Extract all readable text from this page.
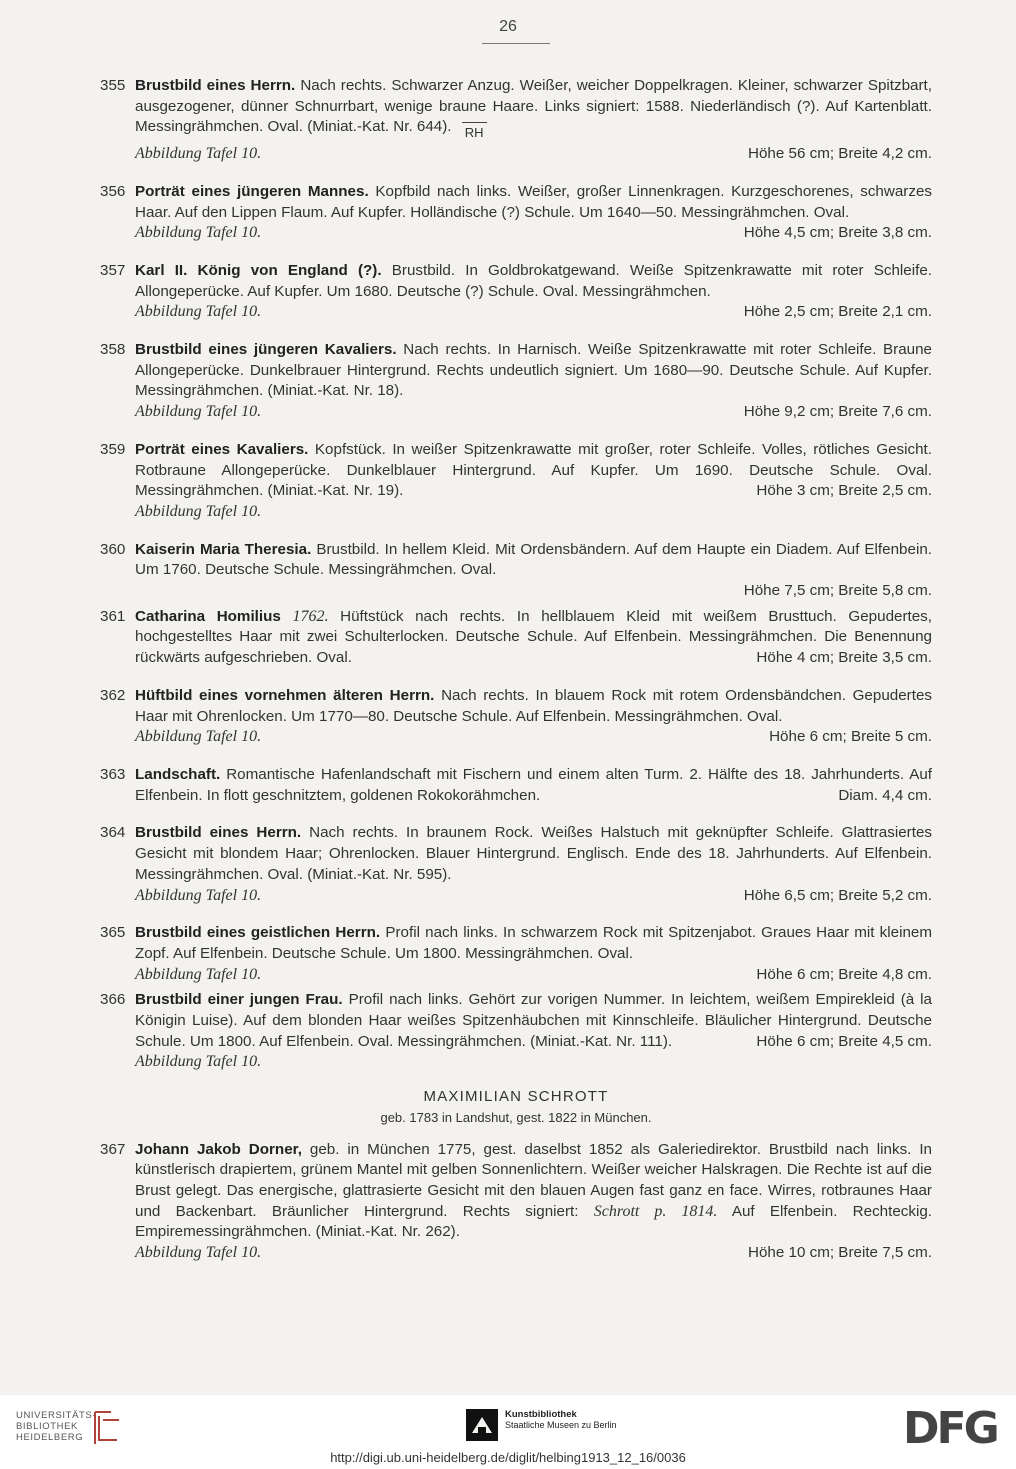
26
355 Brustbild eines Herrn. Nach rechts. Schwarzer Anzug. Weißer, weicher Doppelkragen. Kleiner, schwarzer Spitzbart, ausgezogener, dünner Schnurrbart, wenige braune Haare. Links signiert: 1588. Niederländisch (?). Auf Kartenblatt. Messingrähmchen. Oval. (Miniat.-Kat. Nr. 644). RH
Abbildung Tafel 10.	Höhe 56 cm; Breite 4,2 cm.
356 Porträt eines jüngeren Mannes. Kopfbild nach links. Weißer, großer Linnenkragen. Kurzgeschorenes, schwarzes Haar. Auf den Lippen Flaum. Auf Kupfer. Holländische (?) Schule. Um 1640—50. Messingrähmchen. Oval.
Höhe 4,5 cm; Breite 3,8 cm.
Abbildung Tafel 10.
357 Karl II. König von England (?). Brustbild. In Goldbrokatgewand. Weiße Spitzenkrawatte mit roter Schleife. Allongeperücke. Auf Kupfer. Um 1680. Deutsche (?) Schule. Oval. Messingrähmchen.
Abbildung Tafel 10.	Höhe 2,5 cm; Breite 2,1 cm.
358 Brustbild eines jüngeren Kavaliers. Nach rechts. In Harnisch. Weiße Spitzenkrawatte mit roter Schleife. Braune Allongeperücke. Dunkelbrauer Hintergrund. Rechts undeutlich signiert. Um 1680—90. Deutsche Schule. Auf Kupfer. Messingrähmchen. (Miniat.-Kat. Nr. 18).
Abbildung Tafel 10.	Höhe 9,2 cm; Breite 7,6 cm.
359 Porträt eines Kavaliers. Kopfstück. In weißer Spitzenkrawatte mit großer, roter Schleife. Volles, rötliches Gesicht. Rotbraune Allongeperücke. Dunkelblauer Hintergrund. Auf Kupfer. Um 1690. Deutsche Schule. Oval. Messingrähmchen. (Miniat.-Kat. Nr. 19).	Höhe 3 cm; Breite 2,5 cm.
Abbildung Tafel 10.
360 Kaiserin Maria Theresia. Brustbild. In hellem Kleid. Mit Ordensbändern. Auf dem Haupte ein Diadem. Auf Elfenbein. Um 1760. Deutsche Schule. Messingrähmchen. Oval.
Höhe 7,5 cm; Breite 5,8 cm.
361 Catharina Homilius 1762. Hüftstück nach rechts. In hellblauem Kleid mit weißem Brusttuch. Gepudertes, hochgestelltes Haar mit zwei Schulterlocken. Deutsche Schule. Auf Elfenbein. Messingrähmchen. Die Benennung rückwärts aufgeschrieben. Oval.	Höhe 4 cm; Breite 3,5 cm.
362 Hüftbild eines vornehmen älteren Herrn. Nach rechts. In blauem Rock mit rotem Ordensbändchen. Gepudertes Haar mit Ohrenlocken. Um 1770—80. Deutsche Schule. Auf Elfenbein. Messingrähmchen. Oval.
Abbildung Tafel 10.	Höhe 6 cm; Breite 5 cm.
363 Landschaft. Romantische Hafenlandschaft mit Fischern und einem alten Turm. 2. Hälfte des 18. Jahrhunderts. Auf Elfenbein. In flott geschnitztem, goldenen Rokokorähmchen.	Diam. 4,4 cm.
364 Brustbild eines Herrn. Nach rechts. In braunem Rock. Weißes Halstuch mit geknüpfter Schleife. Glattrasiertes Gesicht mit blondem Haar; Ohrenlocken. Blauer Hintergrund. Englisch. Ende des 18. Jahrhunderts. Auf Elfenbein. Messingrähmchen. Oval. (Miniat.-Kat. Nr. 595).
Abbildung Tafel 10.	Höhe 6,5 cm; Breite 5,2 cm.
365 Brustbild eines geistlichen Herrn. Profil nach links. In schwarzem Rock mit Spitzenjabot. Graues Haar mit kleinem Zopf. Auf Elfenbein. Deutsche Schule. Um 1800. Messingrähmchen. Oval.
Abbildung Tafel 10.	Höhe 6 cm; Breite 4,8 cm.
366 Brustbild einer jungen Frau. Profil nach links. Gehört zur vorigen Nummer. In leichtem, weißem Empirekleid (à la Königin Luise). Auf dem blonden Haar weißes Spitzenhäubchen mit Kinnschleife. Bläulicher Hintergrund. Deutsche Schule. Um 1800. Auf Elfenbein. Oval. Messingrähmchen. (Miniat.-Kat. Nr. 111).	Höhe 6 cm; Breite 4,5 cm.
Abbildung Tafel 10.
MAXIMILIAN SCHROTT
geb. 1783 in Landshut, gest. 1822 in München.
367 Johann Jakob Dorner, geb. in München 1775, gest. daselbst 1852 als Galeriedirektor. Brustbild nach links. In künstlerisch drapiertem, grünem Mantel mit gelben Sonnenlichtern. Weißer weicher Halskragen. Die Rechte ist auf die Brust gelegt. Das energische, glattrasierte Gesicht mit den blauen Augen fast ganz en face. Wirres, rotbraunes Haar und Backenbart. Bräunlicher Hintergrund. Rechts signiert: Schrott p. 1814. Auf Elfenbein. Rechteckig. Empiremessingrähmchen. (Miniat.-Kat. Nr. 262).
Abbildung Tafel 10.	Höhe 10 cm; Breite 7,5 cm.
UNIVERSITÄTS-
BIBLIOTHEK
HEIDELBERG
Kunstbibliothek
Staatliche Museen zu Berlin	DFG
http://digi.ub.uni-heidelberg.de/diglit/helbing1913_12_16/0036
